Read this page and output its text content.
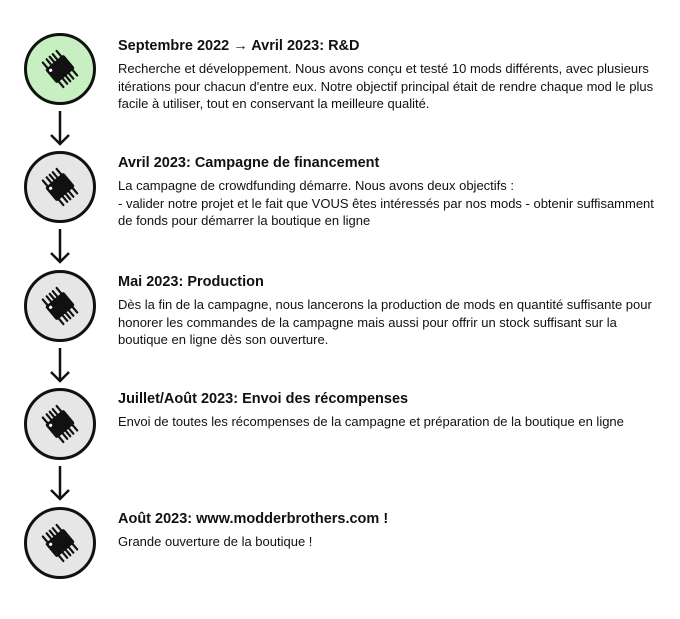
Septembre 2022 → Avril 2023: R&D

Recherche et développement. Nous avons conçu et testé 10 mods différents, avec plusieurs itérations pour chacun d'entre eux. Notre objectif principal était de rendre chaque mod le plus facile à utiliser, tout en conservant la meilleure qualité.

Avril 2023: Campagne de financement

La campagne de crowdfunding démarre. Nous avons deux objectifs :
- valider notre projet et le fait que VOUS êtes intéressés par nos mods - obtenir suffisamment de fonds pour démarrer la boutique en ligne

Mai 2023: Production

Dès la fin de la campagne, nous lancerons la production de mods en quantité suffisante pour honorer les commandes de la campagne mais aussi pour offrir un stock suffisant sur la boutique en ligne dès son ouverture.

Juillet/Août 2023: Envoi des récompenses

Envoi de toutes les récompenses de la campagne et préparation de la boutique en ligne

Août 2023: www.modderbrothers.com !

Grande ouverture de la boutique !
